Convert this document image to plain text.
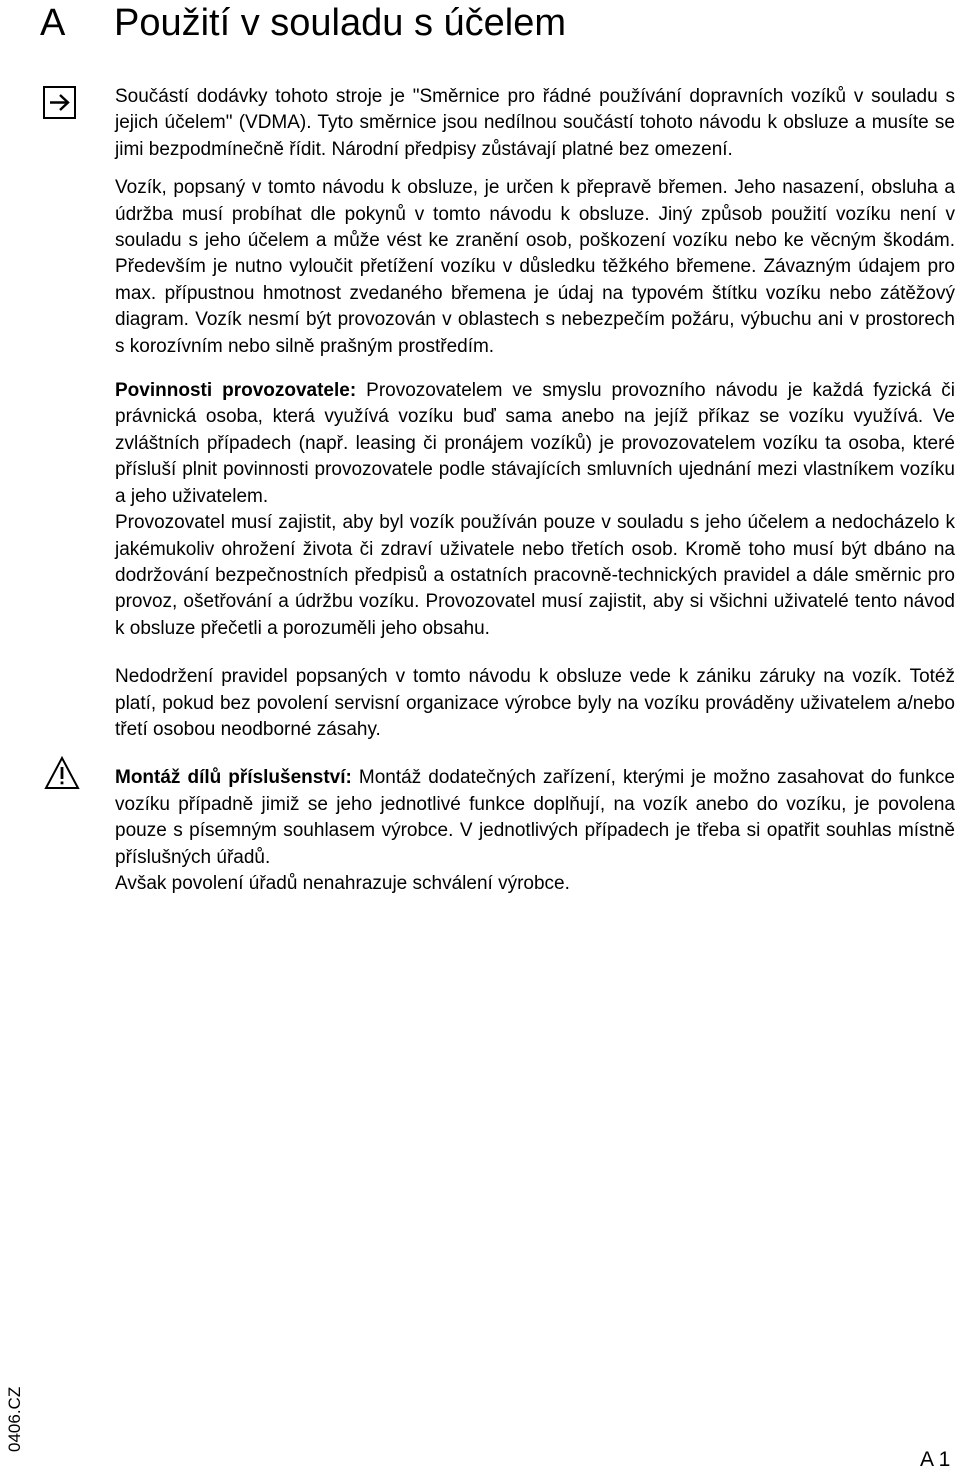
A Použití v souladu s účelem

Součástí dodávky tohoto stroje je "Směrnice pro řádné používání dopravních vozíků v souladu s jejich účelem" (VDMA). Tyto směrnice jsou nedílnou součástí tohoto návodu k obsluze a musíte se jimi bezpodmínečně řídit. Národní předpisy zůstávají platné bez omezení.

Vozík, popsaný v tomto návodu k obsluze, je určen k přepravě břemen. Jeho nasazení, obsluha a údržba musí probíhat dle pokynů v tomto návodu k obsluze. Jiný způsob použití vozíku není v souladu s jeho účelem a může vést ke zranění osob, poškození vozíku nebo ke věcným škodám. Především je nutno vyloučit přetížení vozíku v důsledku těžkého břemene. Závazným údajem pro max. přípustnou hmotnost zvedaného břemena je údaj na typovém štítku vozíku nebo zátěžový diagram. Vozík nesmí být provozován v oblastech s nebezpečím požáru, výbuchu ani v prostorech s korozívním nebo silně prašným prostředím.

Povinnosti provozovatele: Provozovatelem ve smyslu provozního návodu je každá fyzická či právnická osoba, která využívá vozíku buď sama anebo na jejíž příkaz se vozíku využívá. Ve zvláštních případech (např. leasing či pronájem vozíků) je provozovatelem vozíku ta osoba, které přísluší plnit povinnosti provozovatele podle stávajících smluvních ujednání mezi vlastníkem vozíku a jeho uživatelem.

Provozovatel musí zajistit, aby byl vozík používán pouze v souladu s jeho účelem a nedocházelo k jakémukoliv ohrožení života či zdraví uživatele nebo třetích osob. Kromě toho musí být dbáno na dodržování bezpečnostních předpisů a ostatních pracovně-technických pravidel a dále směrnic pro provoz, ošetřování a údržbu vozíku. Provozovatel musí zajistit, aby si všichni uživatelé tento návod k obsluze přečetli a porozuměli jeho obsahu.

Nedodržení pravidel popsaných v tomto návodu k obsluze vede k zániku záruky na vozík. Totéž platí, pokud bez povolení servisní organizace výrobce byly na vozíku prováděny uživatelem a/nebo třetí osobou neodborné zásahy.

Montáž dílů příslušenství: Montáž dodatečných zařízení, kterými je možno zasahovat do funkce vozíku případně jimiž se jeho jednotlivé funkce doplňují, na vozík anebo do vozíku, je povolena pouze s písemným souhlasem výrobce. V jednotlivých případech je třeba si opatřit souhlas místně příslušných úřadů.

Avšak povolení úřadů nenahrazuje schválení výrobce.

0406.CZ
A 1
